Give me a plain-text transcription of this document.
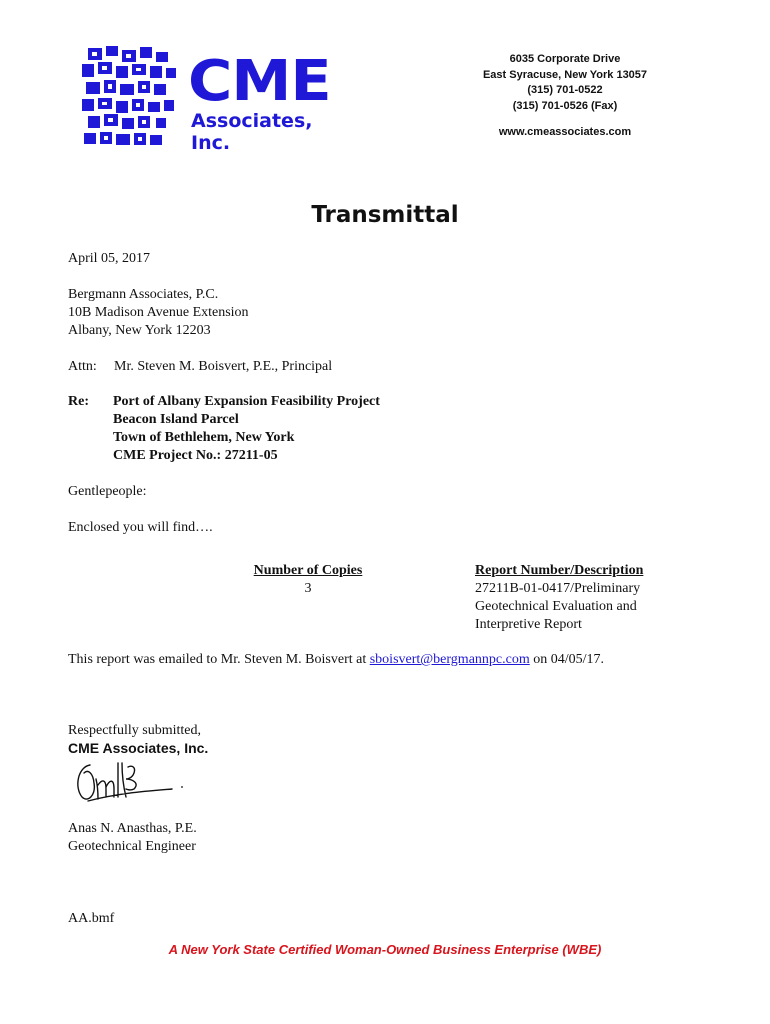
CME
Associates, Inc.
6035 Corporate Drive
East Syracuse, New York 13057
(315) 701-0522
(315) 701-0526 (Fax)
www.cmeassociates.com
Transmittal
April 05, 2017
Bergmann Associates, P.C.
10B Madison Avenue Extension
Albany, New York 12203
Attn: Mr. Steven M. Boisvert, P.E., Principal
Re: Port of Albany Expansion Feasibility Project
Beacon Island Parcel
Town of Bethlehem, New York
CME Project No.: 27211-05
Gentlepeople:
Enclosed you will find….
Number of Copies
3
Report Number/Description
27211B-01-0417/Preliminary
Geotechnical Evaluation and
Interpretive Report
This report was emailed to Mr. Steven M. Boisvert at sboisvert@bergmannpc.com on 04/05/17.
Respectfully submitted,
CME Associates, Inc.
Anas N. Anasthas, P.E.
Geotechnical Engineer
AA.bmf
A New York State Certified Woman-Owned Business Enterprise (WBE)
